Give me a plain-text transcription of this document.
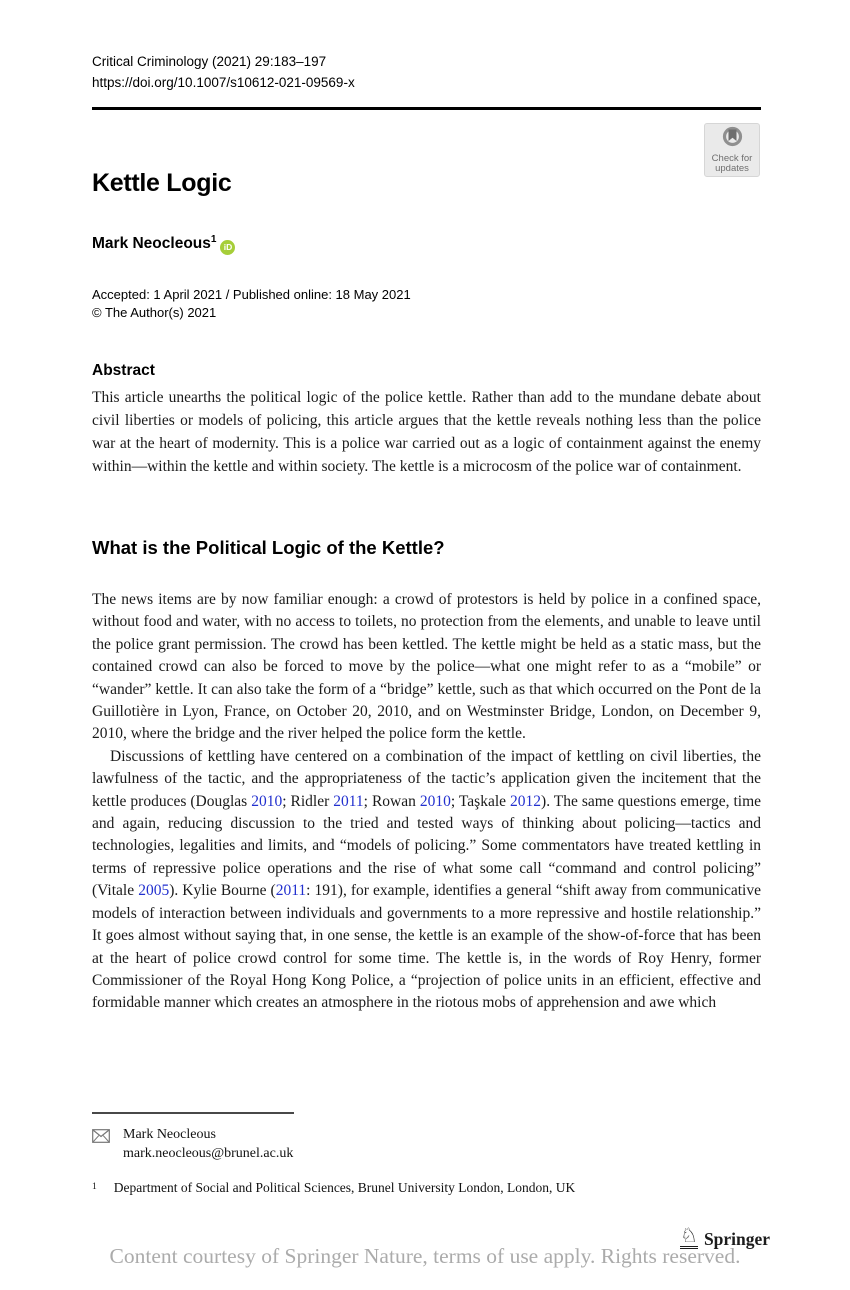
Critical Criminology (2021) 29:183–197
https://doi.org/10.1007/s10612-021-09569-x
Check for
updates
Kettle Logic
Mark Neocleous$^1$iD
Accepted: 1 April 2021 / Published online: 18 May 2021
© The Author(s) 2021
Abstract

This article unearths the political logic of the police kettle. Rather than add to the mundane debate about civil liberties or models of policing, this article argues that the kettle reveals nothing less than the police war at the heart of modernity. This is a police war carried out as a logic of containment against the enemy within—within the kettle and within society. The kettle is a microcosm of the police war of containment.

What is the Political Logic of the Kettle?

The news items are by now familiar enough: a crowd of protestors is held by police in a confined space, without food and water, with no access to toilets, no protection from the elements, and unable to leave until the police grant permission. The crowd has been kettled. The kettle might be held as a static mass, but the contained crowd can also be forced to move by the police—what one might refer to as a “mobile” or “wander” kettle. It can also take the form of a “bridge” kettle, such as that which occurred on the Pont de la Guillotière in Lyon, France, on October 20, 2010, and on Westminster Bridge, London, on December 9, 2010, where the bridge and the river helped the police form the kettle.

Discussions of kettling have centered on a combination of the impact of kettling on civil liberties, the lawfulness of the tactic, and the appropriateness of the tactic’s application given the incitement that the kettle produces (Douglas 2010; Ridler 2011; Rowan 2010; Taşkale 2012). The same questions emerge, time and again, reducing discussion to the tried and tested ways of thinking about policing—tactics and technologies, legalities and limits, and “models of policing.” Some commentators have treated kettling in terms of repressive police operations and the rise of what some call “command and control policing” (Vitale 2005). Kylie Bourne (2011: 191), for example, identifies a general “shift away from communicative models of interaction between individuals and governments to a more repressive and hostile relationship.” It goes almost without saying that, in one sense, the kettle is an example of the show-of-force that has been at the heart of police crowd control for some time. The kettle is, in the words of Roy Henry, former Commissioner of the Royal Hong Kong Police, a “projection of police units in an efficient, effective and formidable manner which creates an atmosphere in the riotous mobs of apprehension and awe which

Mark Neocleous
mark.neocleous@brunel.ac.uk
1 Department of Social and Political Sciences, Brunel University London, London, UK
♘ Springer
Content courtesy of Springer Nature, terms of use apply. Rights reserved.
